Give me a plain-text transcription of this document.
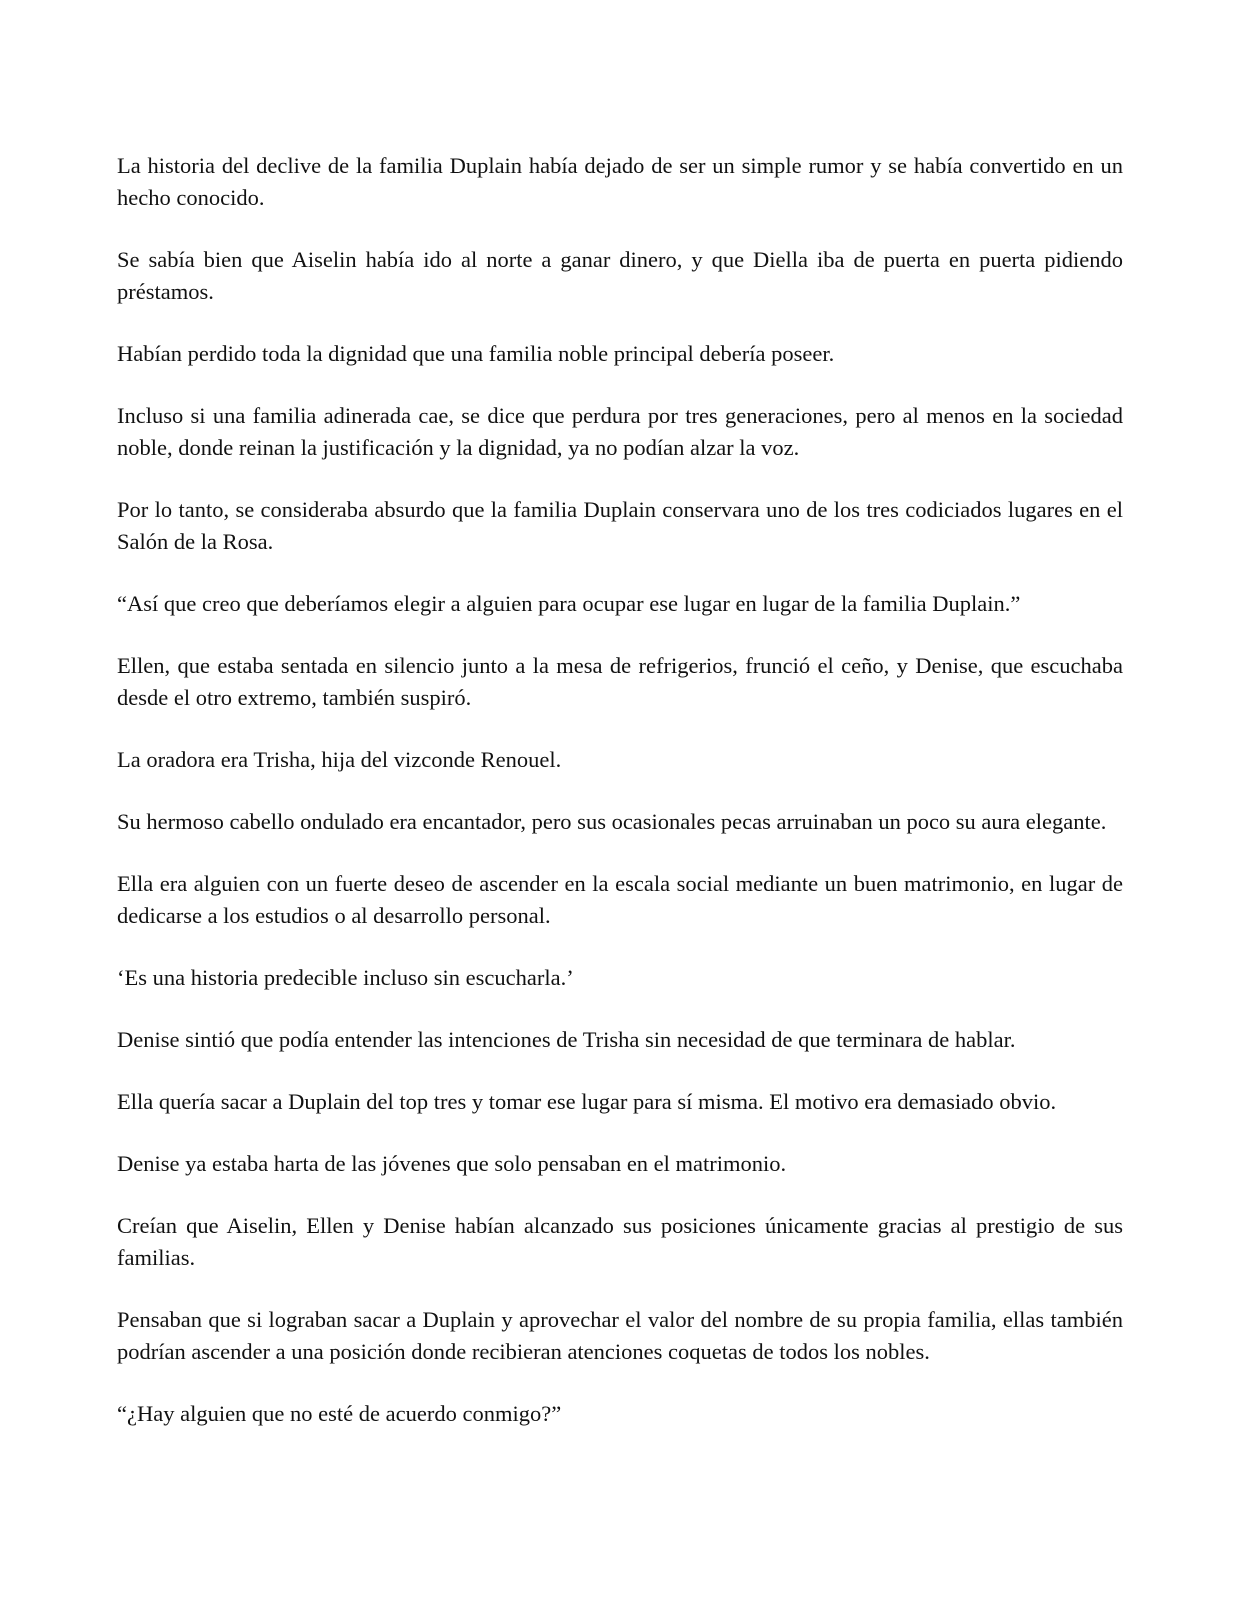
La historia del declive de la familia Duplain había dejado de ser un simple rumor y se había convertido en un hecho conocido.

Se sabía bien que Aiselin había ido al norte a ganar dinero, y que Diella iba de puerta en puerta pidiendo préstamos.

Habían perdido toda la dignidad que una familia noble principal debería poseer.

Incluso si una familia adinerada cae, se dice que perdura por tres generaciones, pero al menos en la sociedad noble, donde reinan la justificación y la dignidad, ya no podían alzar la voz.

Por lo tanto, se consideraba absurdo que la familia Duplain conservara uno de los tres codiciados lugares en el Salón de la Rosa.

“Así que creo que deberíamos elegir a alguien para ocupar ese lugar en lugar de la familia Duplain.”

Ellen, que estaba sentada en silencio junto a la mesa de refrigerios, frunció el ceño, y Denise, que escuchaba desde el otro extremo, también suspiró.

La oradora era Trisha, hija del vizconde Renouel.

Su hermoso cabello ondulado era encantador, pero sus ocasionales pecas arruinaban un poco su aura elegante.

Ella era alguien con un fuerte deseo de ascender en la escala social mediante un buen matrimonio, en lugar de dedicarse a los estudios o al desarrollo personal.

‘Es una historia predecible incluso sin escucharla.’

Denise sintió que podía entender las intenciones de Trisha sin necesidad de que terminara de hablar.

Ella quería sacar a Duplain del top tres y tomar ese lugar para sí misma. El motivo era demasiado obvio.

Denise ya estaba harta de las jóvenes que solo pensaban en el matrimonio.

Creían que Aiselin, Ellen y Denise habían alcanzado sus posiciones únicamente gracias al prestigio de sus familias.

Pensaban que si lograban sacar a Duplain y aprovechar el valor del nombre de su propia familia, ellas también podrían ascender a una posición donde recibieran atenciones coquetas de todos los nobles.

“¿Hay alguien que no esté de acuerdo conmigo?”
